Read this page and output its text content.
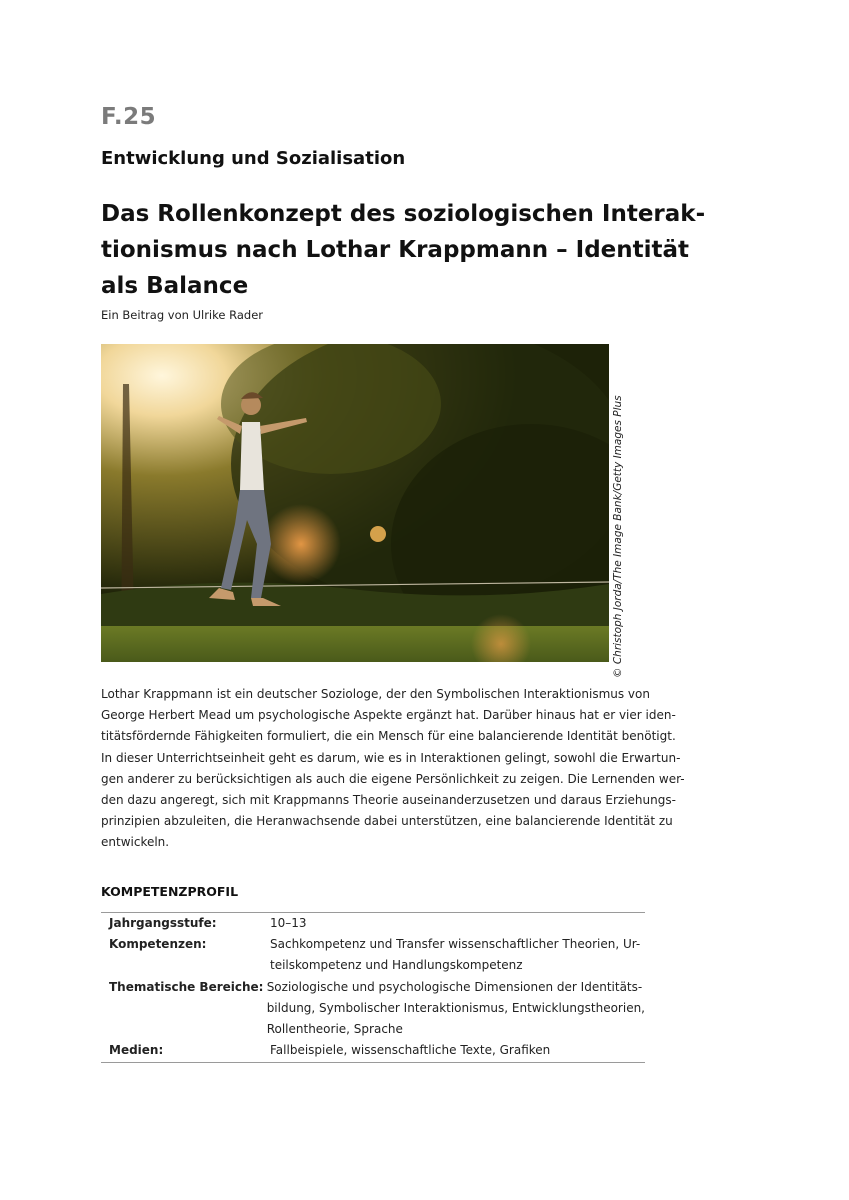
F.25
Entwicklung und Sozialisation
Das Rollenkonzept des soziologischen Interak-
tionismus nach Lothar Krappmann – Identität
als Balance
Ein Beitrag von Ulrike Rader
© Christoph Jorda/The Image Bank/Getty Images Plus
Lothar Krappmann ist ein deutscher Soziologe, der den Symbolischen Interaktionismus von
George Herbert Mead um psychologische Aspekte ergänzt hat. Darüber hinaus hat er vier iden-
titätsfördernde Fähigkeiten formuliert, die ein Mensch für eine balancierende Identität benötigt.
In dieser Unterrichtseinheit geht es darum, wie es in Interaktionen gelingt, sowohl die Erwartun-
gen anderer zu berücksichtigen als auch die eigene Persönlichkeit zu zeigen. Die Lernenden wer-
den dazu angeregt, sich mit Krappmanns Theorie auseinanderzusetzen und daraus Erziehungs-
prinzipien abzuleiten, die Heranwachsende dabei unterstützen, eine balancierende Identität zu
entwickeln.
KOMPETENZPROFIL
Jahrgangsstufe:	10–13
Kompetenzen:	Sachkompetenz und Transfer wissenschaftlicher Theorien, Ur-
teilskompetenz und Handlungskompetenz
Thematische Bereiche: Soziologische und psychologische Dimensionen der Identitäts-
bildung, Symbolischer Interaktionismus, Entwicklungstheorien,
Rollentheorie, Sprache
Medien:	Fallbeispiele, wissenschaftliche Texte, Grafiken
